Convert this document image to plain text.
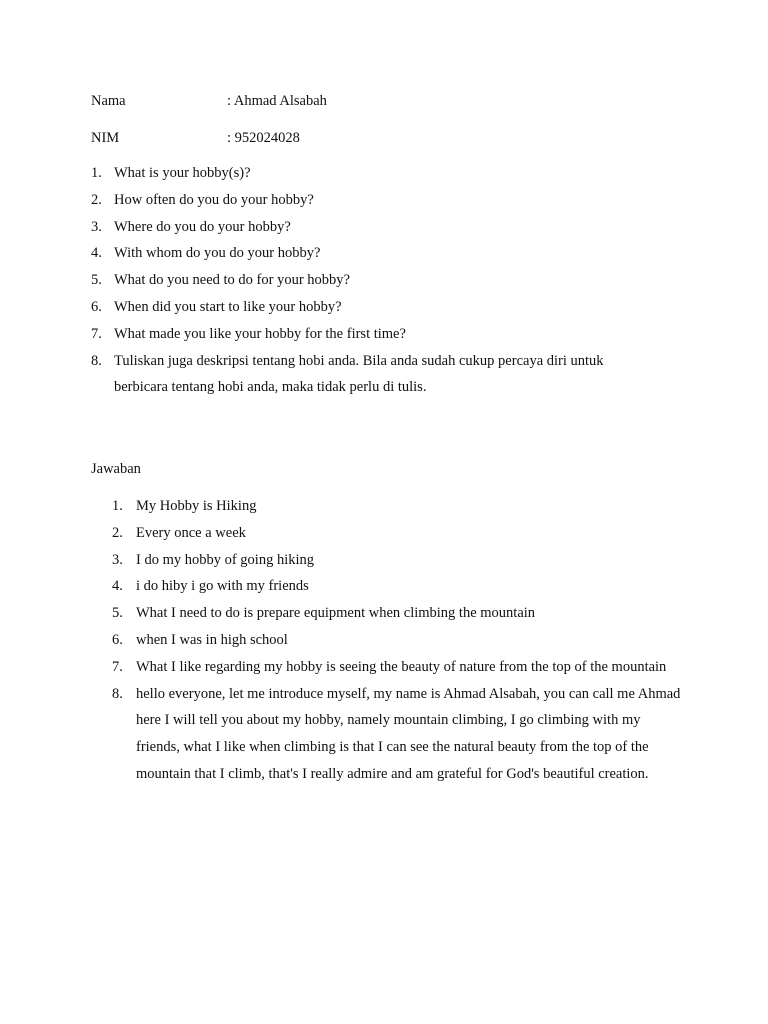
Nama	: Ahmad Alsabah
NIM	: 952024028
1. What is your hobby(s)?
2. How often do you do your hobby?
3. Where do you do your hobby?
4. With whom do you do your hobby?
5. What do you need to do for your hobby?
6. When did you start to like your hobby?
7. What made you like your hobby for the first time?
8. Tuliskan juga deskripsi tentang hobi anda. Bila anda sudah cukup percaya diri untuk berbicara tentang hobi anda, maka tidak perlu di tulis.
Jawaban
1. My Hobby is Hiking
2. Every once a week
3. I do my hobby of going hiking
4. i do hiby i go with my friends
5. What I need to do is prepare equipment when climbing the mountain
6. when I was in high school
7. What I like regarding my hobby is seeing the beauty of nature from the top of the mountain
8. hello everyone, let me introduce myself, my name is Ahmad Alsabah, you can call me Ahmad here I will tell you about my hobby, namely mountain climbing, I go climbing with my friends, what I like when climbing is that I can see the natural beauty from the top of the mountain that I climb, that's I really admire and am grateful for God's beautiful creation.
